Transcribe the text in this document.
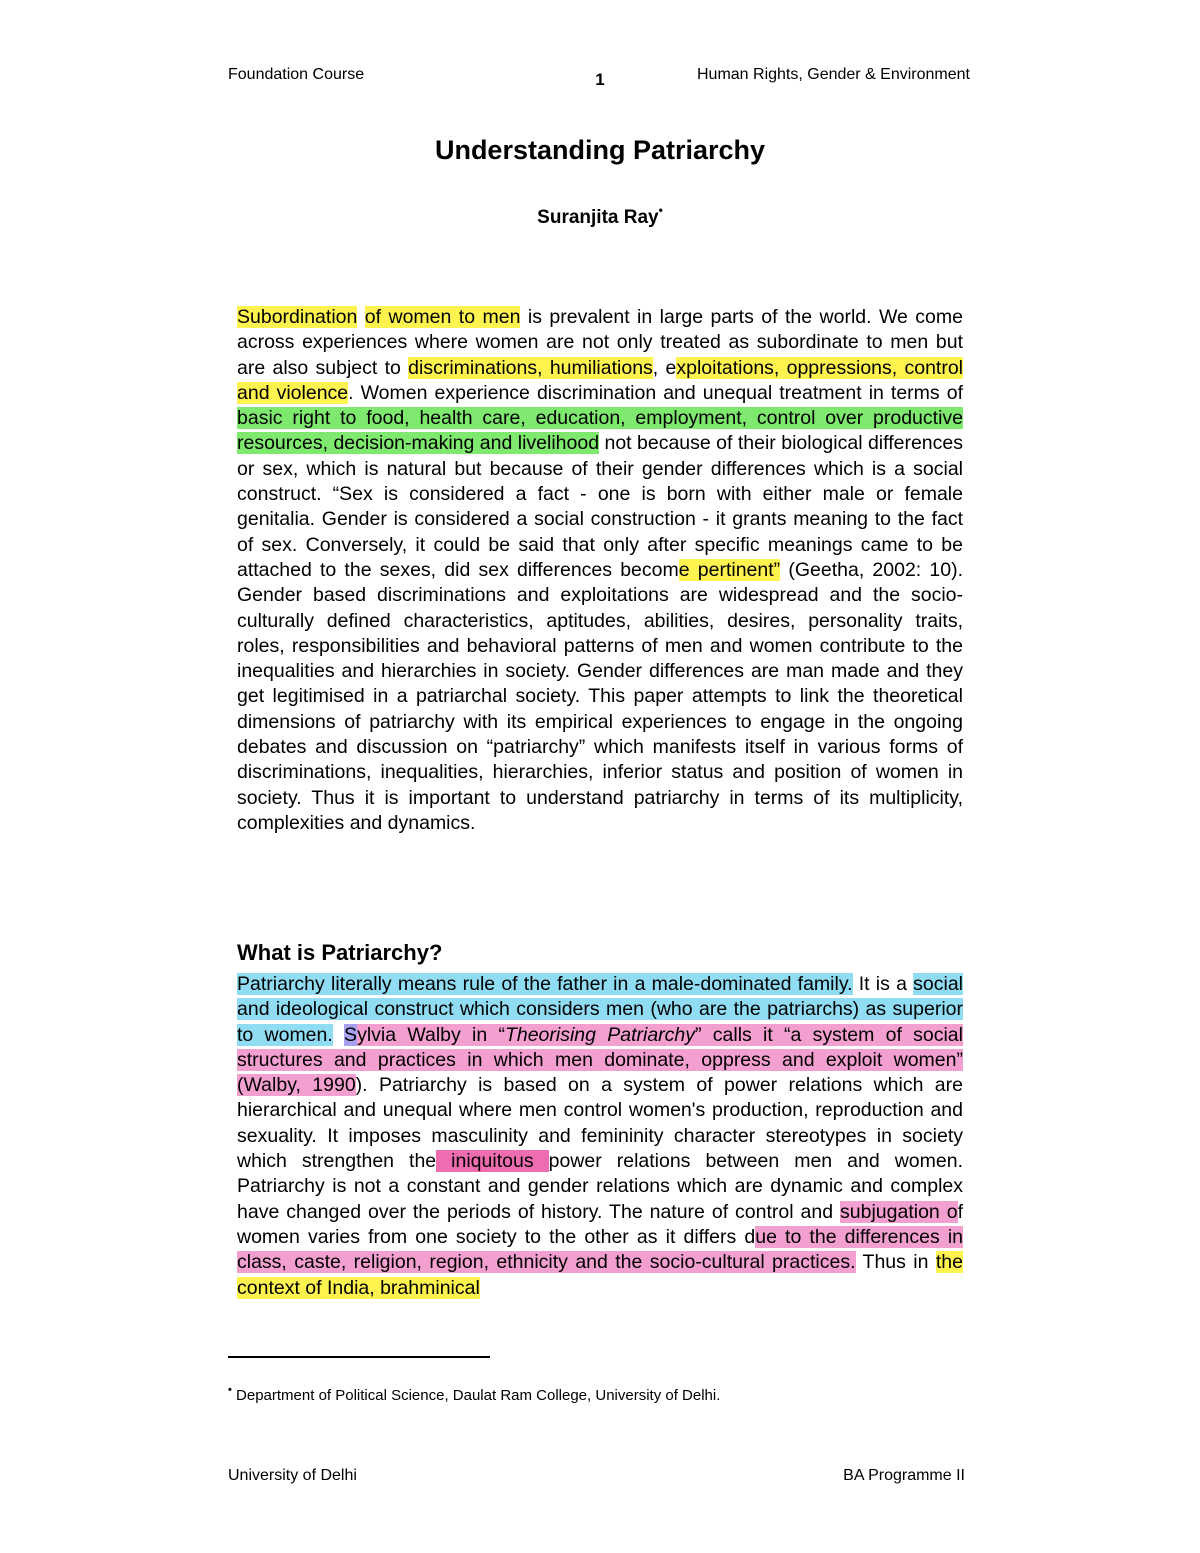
Foundation Course	1	Human Rights, Gender & Environment
Understanding Patriarchy
Suranjita Ray•
Subordination of women to men is prevalent in large parts of the world. We come across experiences where women are not only treated as subordinate to men but are also subject to discriminations, humiliations, exploitations, oppressions, control and violence. Women experience discrimination and unequal treatment in terms of basic right to food, health care, education, employment, control over productive resources, decision-making and livelihood not because of their biological differences or sex, which is natural but because of their gender differences which is a social construct. “Sex is considered a fact - one is born with either male or female genitalia. Gender is considered a social construction - it grants meaning to the fact of sex. Conversely, it could be said that only after specific meanings came to be attached to the sexes, did sex differences become pertinent” (Geetha, 2002: 10). Gender based discriminations and exploitations are widespread and the socio-culturally defined characteristics, aptitudes, abilities, desires, personality traits, roles, responsibilities and behavioral patterns of men and women contribute to the inequalities and hierarchies in society. Gender differences are man made and they get legitimised in a patriarchal society. This paper attempts to link the theoretical dimensions of patriarchy with its empirical experiences to engage in the ongoing debates and discussion on “patriarchy” which manifests itself in various forms of discriminations, inequalities, hierarchies, inferior status and position of women in society. Thus it is important to understand patriarchy in terms of its multiplicity, complexities and dynamics.
What is Patriarchy?
Patriarchy literally means rule of the father in a male-dominated family. It is a social and ideological construct which considers men (who are the patriarchs) as superior to women. Sylvia Walby in “Theorising Patriarchy” calls it “a system of social structures and practices in which men dominate, oppress and exploit women” (Walby, 1990). Patriarchy is based on a system of power relations which are hierarchical and unequal where men control women's production, reproduction and sexuality. It imposes masculinity and femininity character stereotypes in society which strengthen the iniquitous power relations between men and women. Patriarchy is not a constant and gender relations which are dynamic and complex have changed over the periods of history. The nature of control and subjugation of women varies from one society to the other as it differs due to the differences in class, caste, religion, region, ethnicity and the socio-cultural practices. Thus in the context of India, brahminical
• Department of Political Science, Daulat Ram College, University of Delhi.
University of Delhi	BA Programme II
